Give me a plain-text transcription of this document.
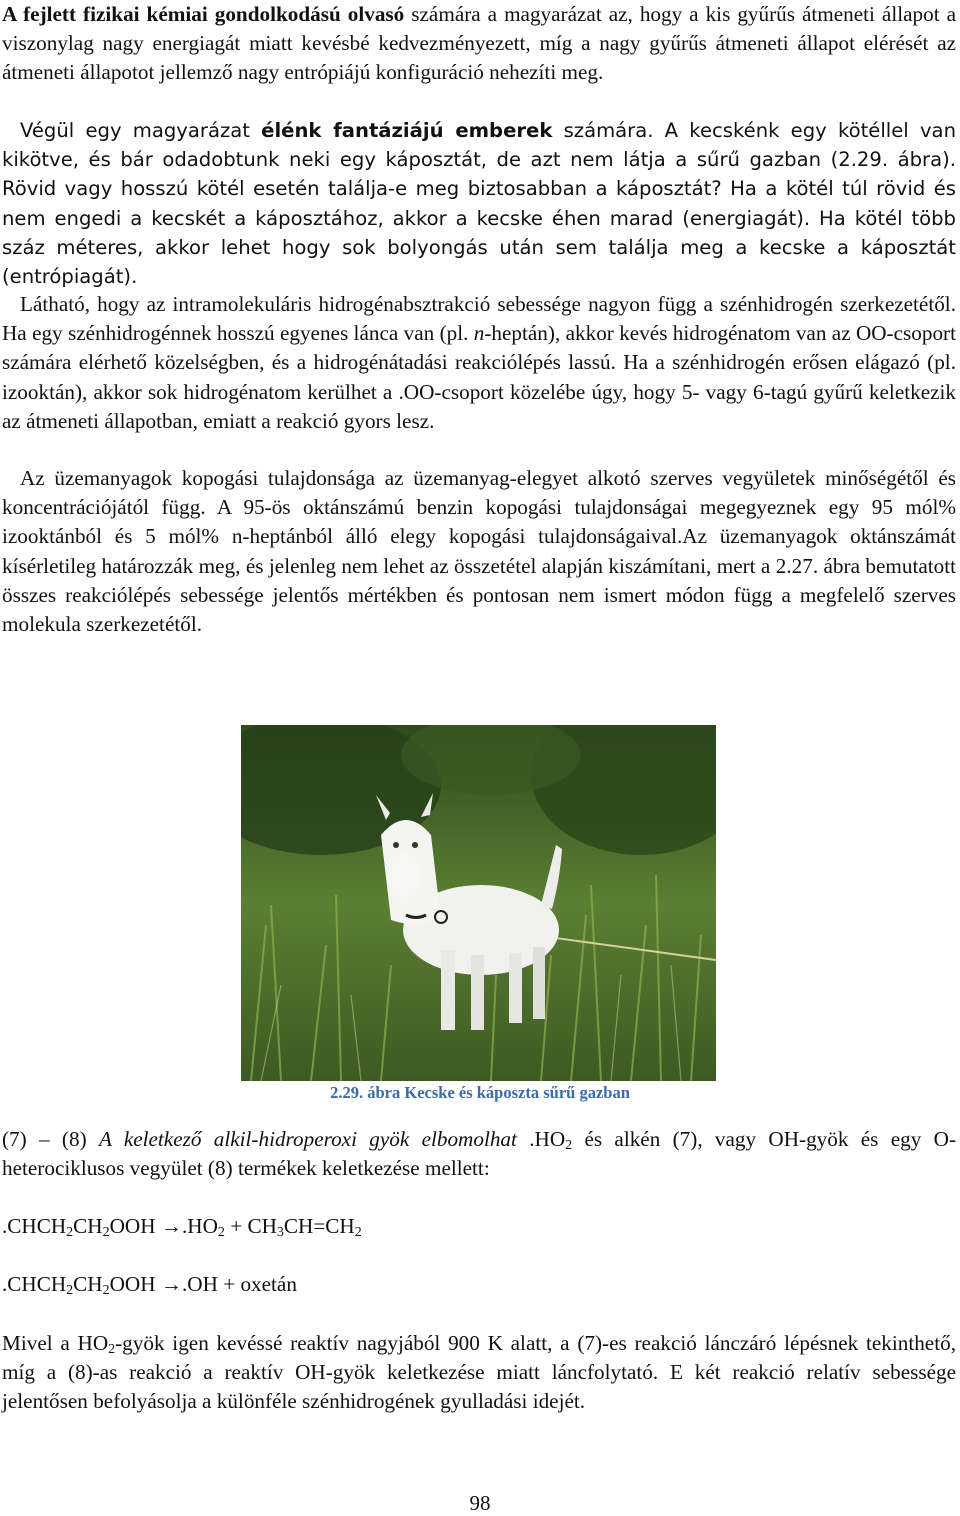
A fejlett fizikai kémiai gondolkodású olvasó számára a magyarázat az, hogy a kis gyűrűs átmeneti állapot a viszonylag nagy energiagát miatt kevésbé kedvezményezett, míg a nagy gyűrűs átmeneti állapot elérését az átmeneti állapotot jellemző nagy entrópiájú konfiguráció nehezíti meg.

Végül egy magyarázat élénk fantáziájú emberek számára. A kecskénk egy kötéllel van kikötve, és bár odadobtunk neki egy káposztát, de azt nem látja a sűrű gazban (2.29. ábra). Rövid vagy hosszú kötél esetén találja-e meg biztosabban a káposztát? Ha a kötél túl rövid és nem engedi a kecskét a káposztához, akkor a kecske éhen marad (energiagát). Ha kötél több száz méteres, akkor lehet hogy sok bolyongás után sem találja meg a kecske a káposztát (entrópiagát).

Látható, hogy az intramolekuláris hidrogénabsztrakció sebessége nagyon függ a szénhidrogén szerkezetétől. Ha egy szénhidrogénnek hosszú egyenes lánca van (pl. n-heptán), akkor kevés hidrogénatom van az OO-csoport számára elérhető közelségben, és a hidrogénátadási reakciólépés lassú. Ha a szénhidrogén erősen elágazó (pl. izooktán), akkor sok hidrogénatom kerülhet a .OO-csoport közelébe úgy, hogy 5- vagy 6-tagú gyűrű keletkezik az átmeneti állapotban, emiatt a reakció gyors lesz.

Az üzemanyagok kopogási tulajdonsága az üzemanyag-elegyet alkotó szerves vegyületek minőségétől és koncentrációjától függ. A 95-ös oktánszámú benzin kopogási tulajdonságai megegyeznek egy 95 mól% izooktánból és 5 mól% n-heptánból álló elegy kopogási tulajdonságaival.Az üzemanyagok oktánszámát kísérletileg határozzák meg, és jelenleg nem lehet az összetétel alapján kiszámítani, mert a 2.27. ábra bemutatott összes reakciólépés sebessége jelentős mértékben és pontosan nem ismert módon függ a megfelelő szerves molekula szerkezetétől.

2.29. ábra Kecske és káposzta sűrű gazban

(7) – (8) A keletkező alkil-hidroperoxi gyök elbomolhat $.HO_2$ és alkén (7), vagy OH-gyök és egy O-heterociklusos vegyület (8) termékek keletkezése mellett:

$.CHCH_2CH_2OOH \to.HO_2 + CH_3CH=CH_2$
$.CHCH_2CH_2OOH \to.OH$ + oxetán

Mivel a $HO_2$-gyök igen kevéssé reaktív nagyjából 900 K alatt, a (7)-es reakció lánczáró lépésnek tekinthető, míg a (8)-as reakció a reaktív OH-gyök keletkezése miatt láncfolytató. E két reakció relatív sebessége jelentősen befolyásolja a különféle szénhidrogének gyulladási idejét.

98
